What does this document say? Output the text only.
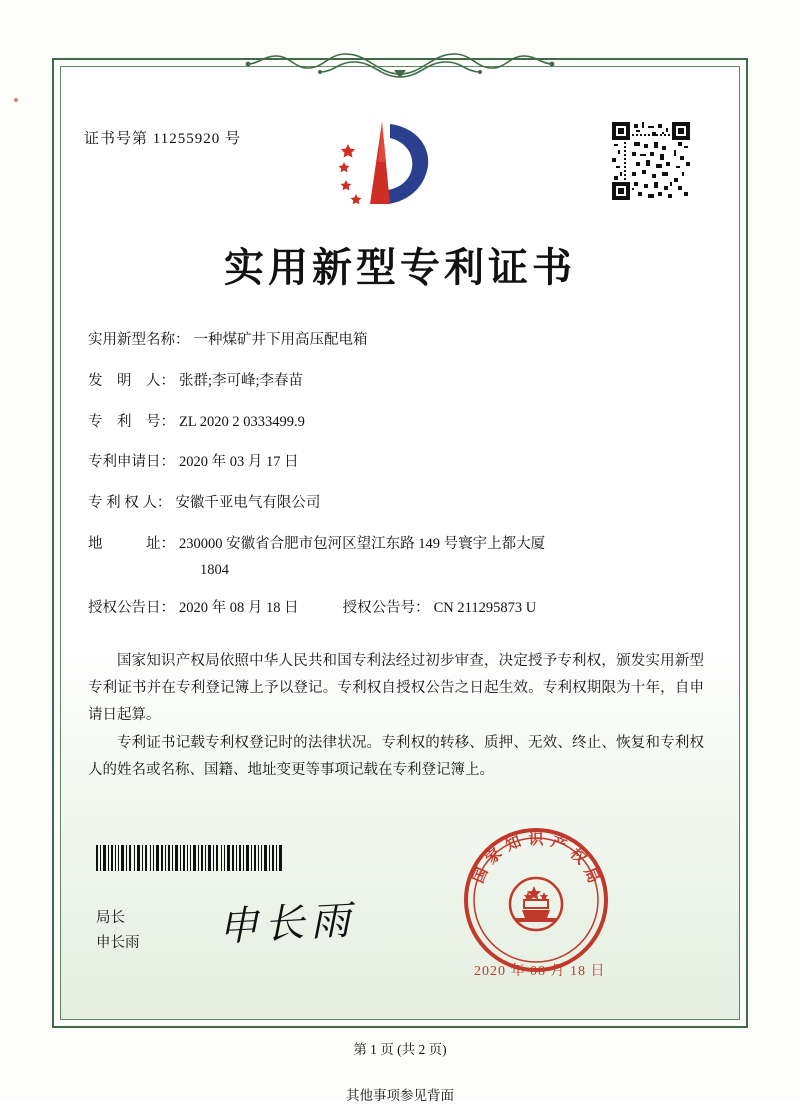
证书号第 11255920 号
实用新型专利证书
实用新型名称： 一种煤矿井下用高压配电箱
发　明　人： 张群;李可峰;李春苗
专　利　号： ZL 2020 2 0333499.9
专利申请日： 2020 年 03 月 17 日
专 利 权 人： 安徽千亚电气有限公司
地　　　址： 230000 安徽省合肥市包河区望江东路 149 号寰宇上都大厦
1804
授权公告日： 2020 年 08 月 18 日	授权公告号： CN 211295873 U

国家知识产权局依照中华人民共和国专利法经过初步审查，决定授予专利权，颁发实用新型专利证书并在专利登记簿上予以登记。专利权自授权公告之日起生效。专利权期限为十年，自申请日起算。

专利证书记载专利权登记时的法律状况。专利权的转移、质押、无效、终止、恢复和专利权人的姓名或名称、国籍、地址变更等事项记载在专利登记簿上。

局长
申长雨 申长雨
国
家
知 识 产
权
局
2020 年 08 月 18 日
第 1 页 (共 2 页)
其他事项参见背面
